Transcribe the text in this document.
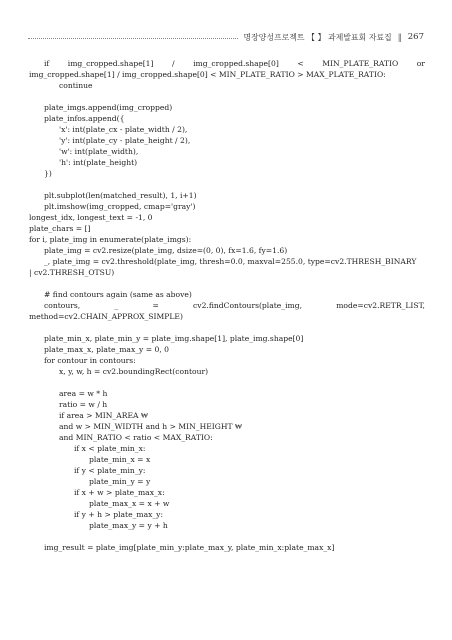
명장양성프로젝트 【 】 과제발표회 자료집 ‖ 267
if img_cropped.shape[1] / img_cropped.shape[0] < MIN_PLATE_RATIO or
img_cropped.shape[1] / img_cropped.shape[0] < MIN_PLATE_RATIO > MAX_PLATE_RATIO:
continue
plate_imgs.append(img_cropped)
plate_infos.append({
'x': int(plate_cx - plate_width / 2),
'y': int(plate_cy - plate_height / 2),
'w': int(plate_width),
'h': int(plate_height)
})
plt.subplot(len(matched_result), 1, i+1)
plt.imshow(img_cropped, cmap='gray')
longest_idx, longest_text = -1, 0
plate_chars = []
for i, plate_img in enumerate(plate_imgs):
plate_img = cv2.resize(plate_img, dsize=(0, 0), fx=1.6, fy=1.6)
_, plate_img = cv2.threshold(plate_img, thresh=0.0, maxval=255.0, type=cv2.THRESH_BINARY
| cv2.THRESH_OTSU)
# find contours again (same as above)
contours,	_	=	cv2.findContours(plate_img,	mode=cv2.RETR_LIST,
method=cv2.CHAIN_APPROX_SIMPLE)
plate_min_x, plate_min_y = plate_img.shape[1], plate_img.shape[0]
plate_max_x, plate_max_y = 0, 0
for contour in contours:
x, y, w, h = cv2.boundingRect(contour)
area = w * h
ratio = w / h
if area > MIN_AREA ₩
and w > MIN_WIDTH and h > MIN_HEIGHT ₩
and MIN_RATIO < ratio < MAX_RATIO:
if x < plate_min_x:
plate_min_x = x
if y < plate_min_y:
plate_min_y = y
if x + w > plate_max_x:
plate_max_x = x + w
if y + h > plate_max_y:
plate_max_y = y + h
img_result = plate_img[plate_min_y:plate_max_y, plate_min_x:plate_max_x]
